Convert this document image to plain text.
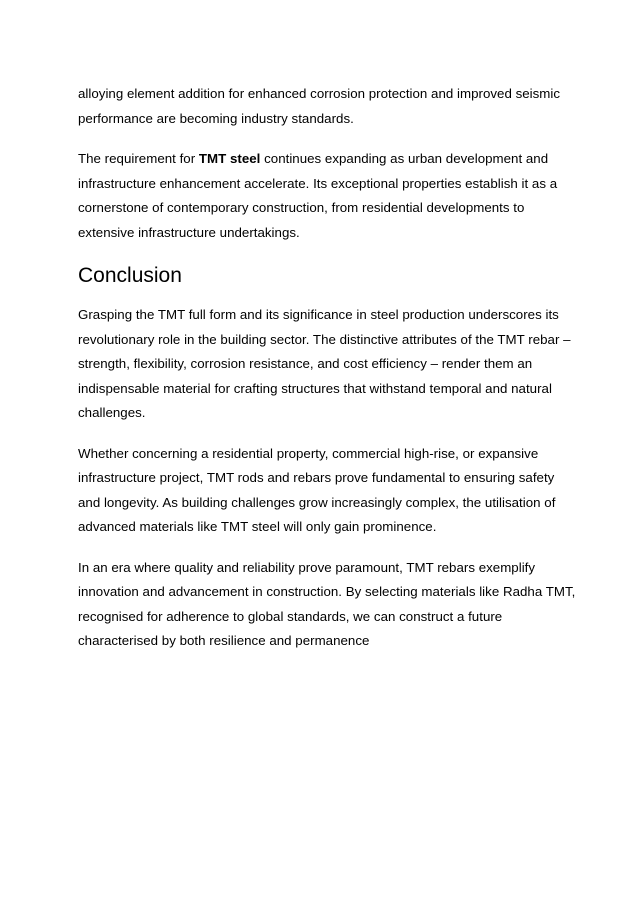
alloying element addition for enhanced corrosion protection and improved seismic
performance are becoming industry standards.

The requirement for TMT steel continues expanding as urban development and
infrastructure enhancement accelerate. Its exceptional properties establish it as a
cornerstone of contemporary construction, from residential developments to
extensive infrastructure undertakings.

Conclusion

Grasping the TMT full form and its significance in steel production underscores its
revolutionary role in the building sector. The distinctive attributes of the TMT rebar –
strength, flexibility, corrosion resistance, and cost efficiency – render them an
indispensable material for crafting structures that withstand temporal and natural
challenges.

Whether concerning a residential property, commercial high-rise, or expansive
infrastructure project, TMT rods and rebars prove fundamental to ensuring safety
and longevity. As building challenges grow increasingly complex, the utilisation of
advanced materials like TMT steel will only gain prominence.

In an era where quality and reliability prove paramount, TMT rebars exemplify
innovation and advancement in construction. By selecting materials like Radha TMT,
recognised for adherence to global standards, we can construct a future
characterised by both resilience and permanence
